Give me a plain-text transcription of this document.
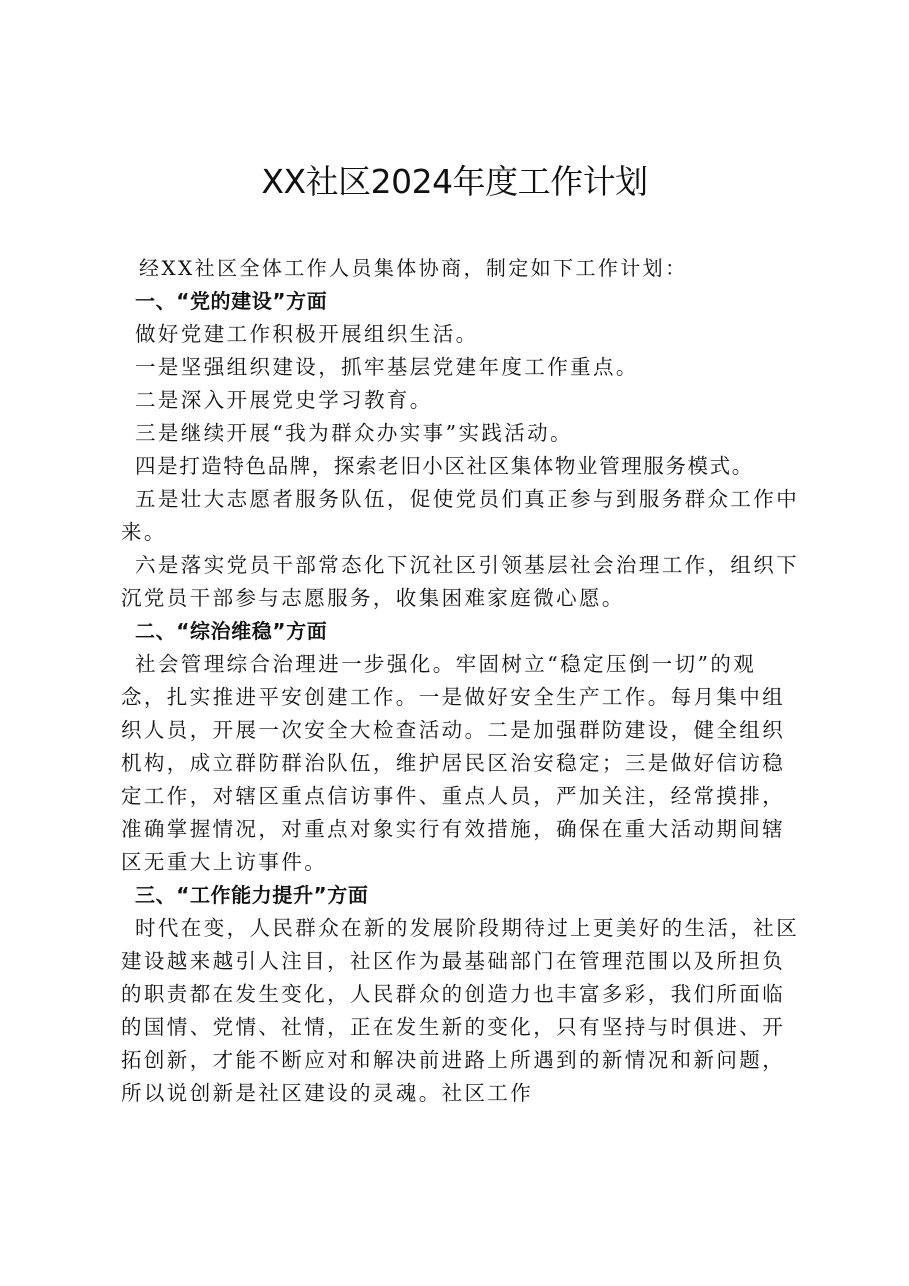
XX社区2024年度工作计划

经XX社区全体工作人员集体协商，制定如下工作计划：

一、“党的建设”方面

做好党建工作积极开展组织生活。

一是坚强组织建设，抓牢基层党建年度工作重点。

二是深入开展党史学习教育。

三是继续开展“我为群众办实事”实践活动。

四是打造特色品牌，探索老旧小区社区集体物业管理服务模式。

五是壮大志愿者服务队伍，促使党员们真正参与到服务群众工作中来。

六是落实党员干部常态化下沉社区引领基层社会治理工作，组织下沉党员干部参与志愿服务，收集困难家庭微心愿。

二、“综治维稳”方面

社会管理综合治理进一步强化。牢固树立“稳定压倒一切”的观念，扎实推进平安创建工作。一是做好安全生产工作。每月集中组织人员，开展一次安全大检查活动。二是加强群防建设，健全组织机构，成立群防群治队伍，维护居民区治安稳定；三是做好信访稳定工作，对辖区重点信访事件、重点人员，严加关注，经常摸排，准确掌握情况，对重点对象实行有效措施，确保在重大活动期间辖区无重大上访事件。

三、“工作能力提升”方面

时代在变，人民群众在新的发展阶段期待过上更美好的生活，社区建设越来越引人注目，社区作为最基础部门在管理范围以及所担负的职责都在发生变化，人民群众的创造力也丰富多彩，我们所面临的国情、党情、社情，正在发生新的变化，只有坚持与时俱进、开拓创新，才能不断应对和解决前进路上所遇到的新情况和新问题，所以说创新是社区建设的灵魂。社区工作
